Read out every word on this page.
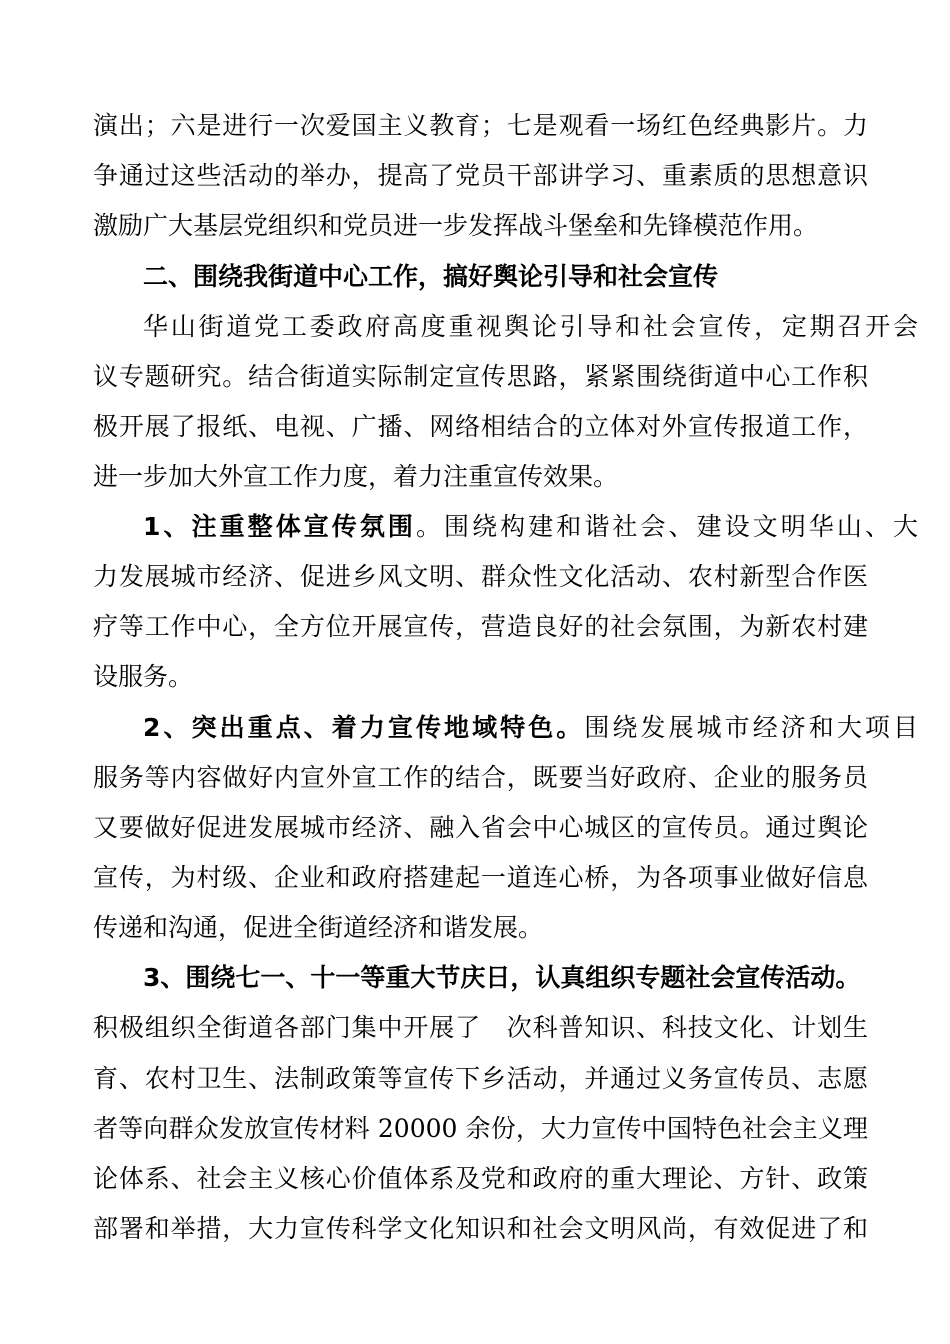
演出；六是进行一次爱国主义教育；七是观看一场红色经典影片。力
争通过这些活动的举办，提高了党员干部讲学习、重素质的思想意识
激励广大基层党组织和党员进一步发挥战斗堡垒和先锋模范作用。
二、围绕我街道中心工作，搞好舆论引导和社会宣传
华山街道党工委政府高度重视舆论引导和社会宣传，定期召开会
议专题研究。结合街道实际制定宣传思路，紧紧围绕街道中心工作积
极开展了报纸、电视、广播、网络相结合的立体对外宣传报道工作，
进一步加大外宣工作力度，着力注重宣传效果。
1、注重整体宣传氛围。围绕构建和谐社会、建设文明华山、大
力发展城市经济、促进乡风文明、群众性文化活动、农村新型合作医
疗等工作中心，全方位开展宣传，营造良好的社会氛围，为新农村建
设服务。
2、突出重点、着力宣传地域特色。围绕发展城市经济和大项目
服务等内容做好内宣外宣工作的结合，既要当好政府、企业的服务员
又要做好促进发展城市经济、融入省会中心城区的宣传员。通过舆论
宣传，为村级、企业和政府搭建起一道连心桥，为各项事业做好信息
传递和沟通，促进全街道经济和谐发展。
3、围绕七一、十一等重大节庆日，认真组织专题社会宣传活动。
积极组织全街道各部门集中开展了　次科普知识、科技文化、计划生
育、农村卫生、法制政策等宣传下乡活动，并通过义务宣传员、志愿
者等向群众发放宣传材料 20000 余份，大力宣传中国特色社会主义理
论体系、社会主义核心价值体系及党和政府的重大理论、方针、政策
部署和举措，大力宣传科学文化知识和社会文明风尚，有效促进了和
